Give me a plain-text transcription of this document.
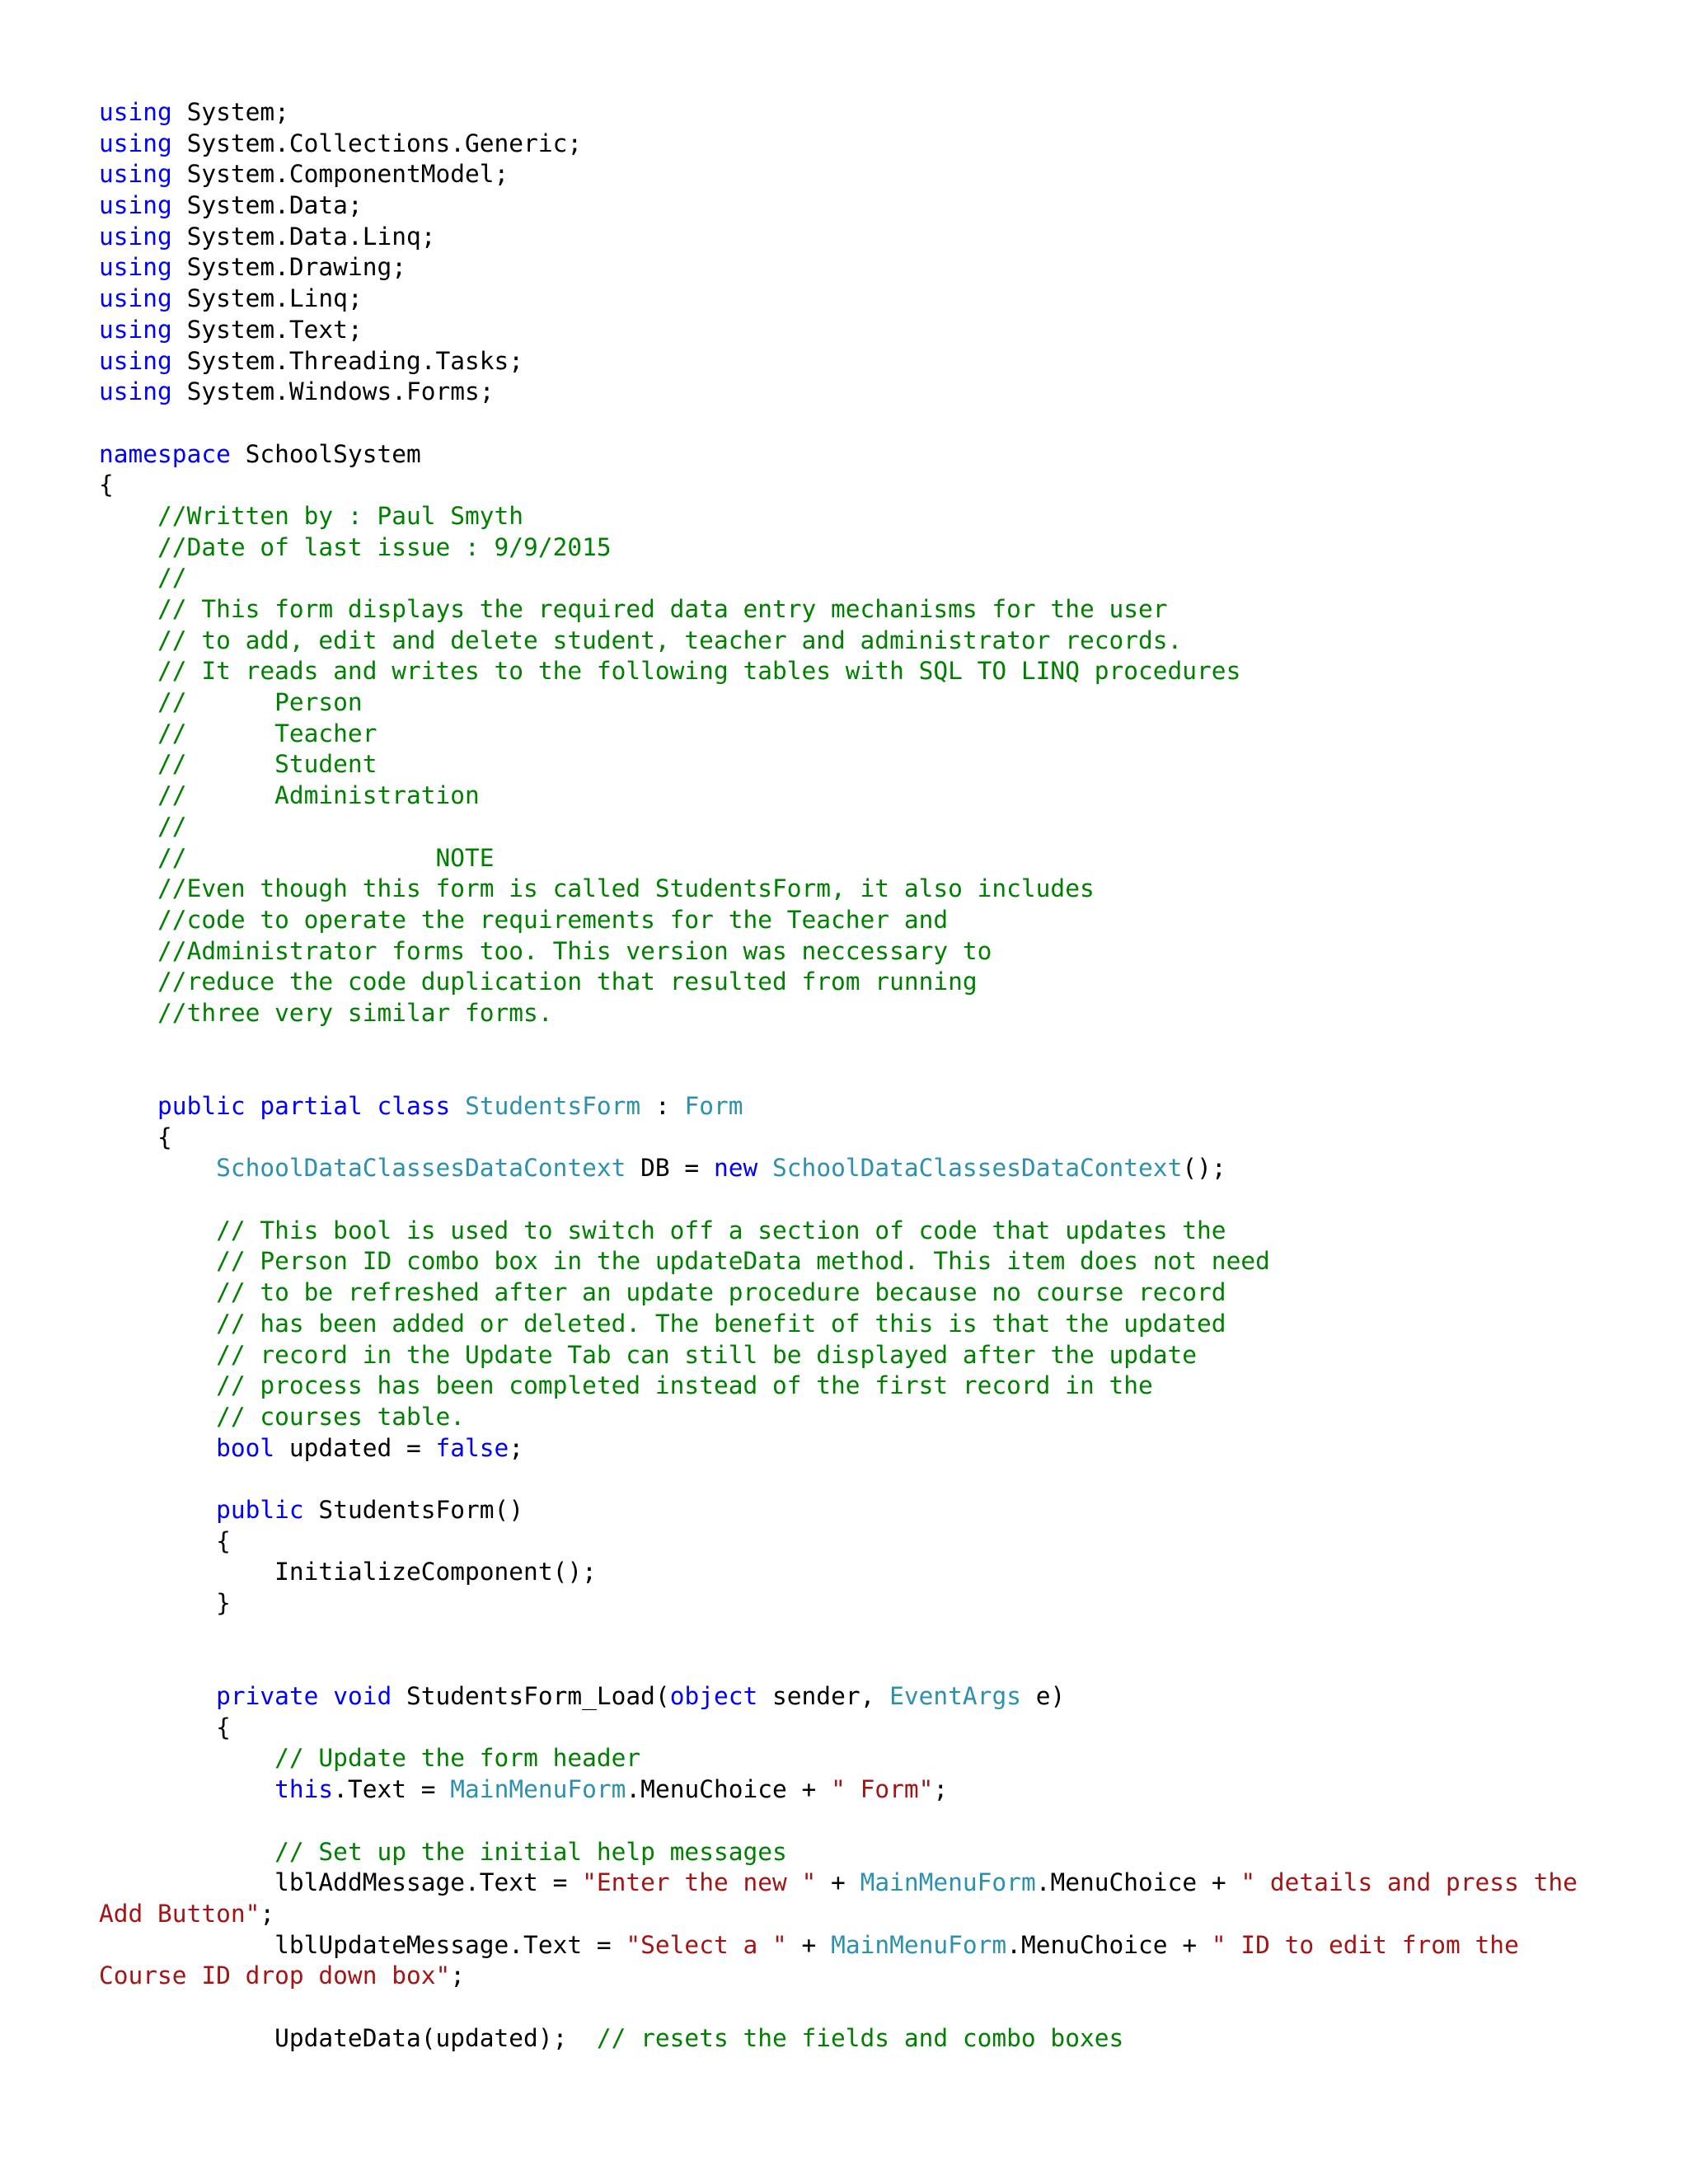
using System;
using System.Collections.Generic;
using System.ComponentModel;
using System.Data;
using System.Data.Linq;
using System.Drawing;
using System.Linq;
using System.Text;
using System.Threading.Tasks;
using System.Windows.Forms;
namespace SchoolSystem
{
//Written by : Paul Smyth
//Date of last issue : 9/9/2015
//
// This form displays the required data entry mechanisms for the user
// to add, edit and delete student, teacher and administrator records.
// It reads and writes to the following tables with SQL TO LINQ procedures
//      Person
//      Teacher
//      Student
//      Administration
//
//                 NOTE
//Even though this form is called StudentsForm, it also includes
//code to operate the requirements for the Teacher and
//Administrator forms too. This version was neccessary to
//reduce the code duplication that resulted from running
//three very similar forms.
public partial class StudentsForm : Form
{
SchoolDataClassesDataContext DB = new SchoolDataClassesDataContext();
// This bool is used to switch off a section of code that updates the
// Person ID combo box in the updateData method. This item does not need
// to be refreshed after an update procedure because no course record
// has been added or deleted. The benefit of this is that the updated
// record in the Update Tab can still be displayed after the update
// process has been completed instead of the first record in the
// courses table.
bool updated = false;
public StudentsForm()
{
InitializeComponent();
}
private void StudentsForm_Load(object sender, EventArgs e)
{
// Update the form header
this.Text = MainMenuForm.MenuChoice + " Form";
// Set up the initial help messages
lblAddMessage.Text = "Enter the new " + MainMenuForm.MenuChoice + " details and press the
Add Button";
lblUpdateMessage.Text = "Select a " + MainMenuForm.MenuChoice + " ID to edit from the
Course ID drop down box";
UpdateData(updated);  // resets the fields and combo boxes
